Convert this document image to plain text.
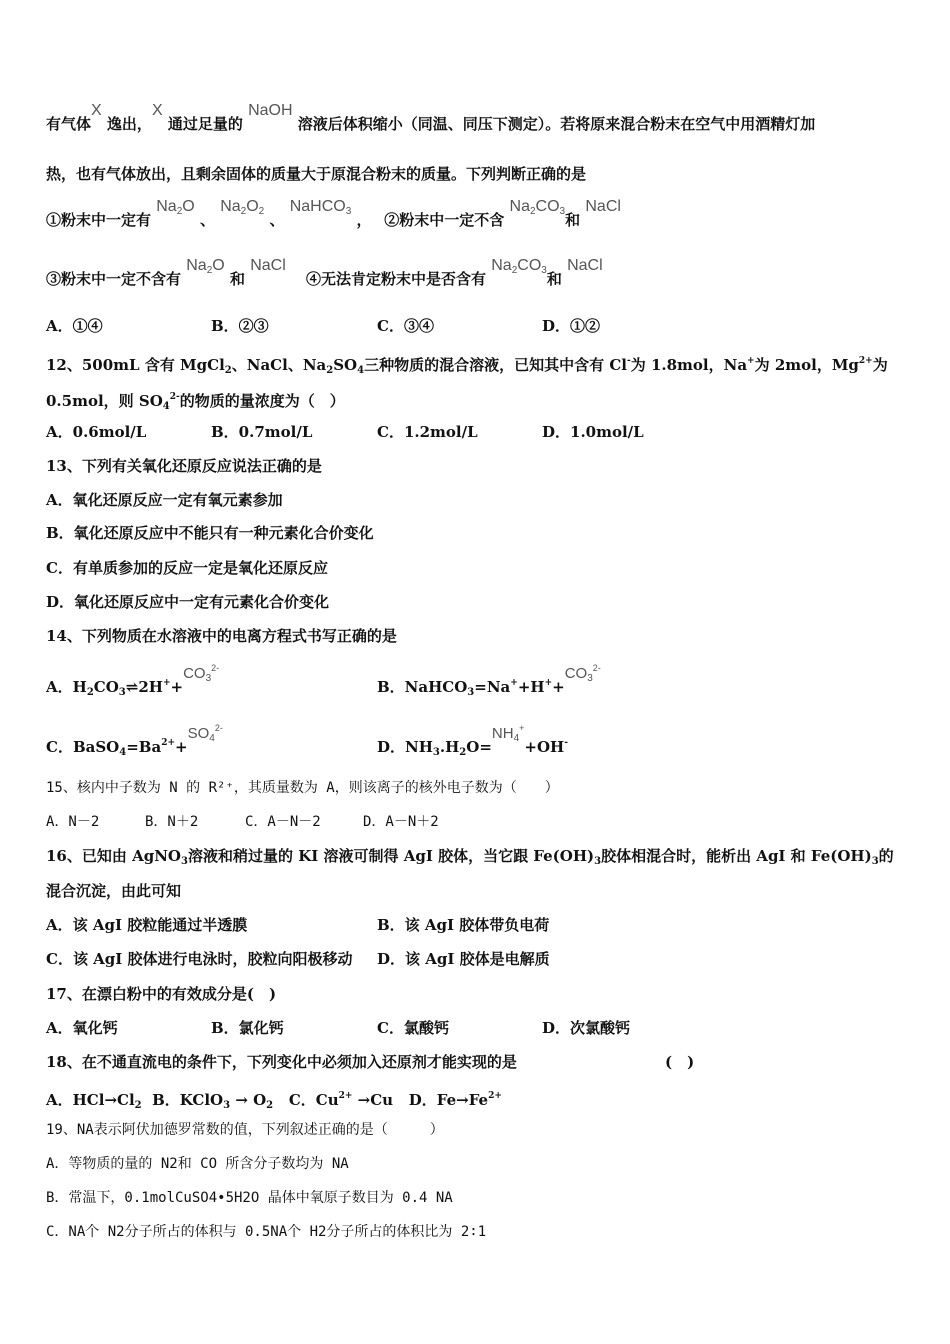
有气体X 逸出，X 通过足量的 NaOH 溶液后体积缩小（同温、同压下测定）。若将原来混合粉末在空气中用酒精灯加
热，也有气体放出，且剩余固体的质量大于原混合粉末的质量。下列判断正确的是
①粉末中一定有 $Na_2O$ 、 $Na_2O_2$ 、 NaHCO$_3$ ，　 ②粉末中一定不含 $Na_2CO_3$和 NaCl
③粉末中一定不含有 $Na_2O$ 和 NaCl　 ④无法肯定粉末中是否含有 $Na_2CO_3$和 NaCl
A．①④	B．②③	C．③④	D．①②
12、500mL 含有 MgCl$_2$、NaCl、$Na_2SO_4$三种物质的混合溶液，已知其中含有 Cl-为 1.8mol，Na+为 2mol，$Mg^{2+}$为
0.5mol，则 $SO_4^{2-}$的物质的量浓度为（　）
A．0.6mol/L	B．0.7mol/L	C．1.2mol/L	D．1.0mol/L
13、下列有关氧化还原反应说法正确的是
A．氧化还原反应一定有氧元素参加
B．氧化还原反应中不能只有一种元素化合价变化
C．有单质参加的反应一定是氧化还原反应
D．氧化还原反应中一定有元素化合价变化
14、下列物质在水溶液中的电离方程式书写正确的是
A．$H_2CO_3\rightleftharpoons 2H^++CO_3^{2-}$
B．$NaHCO_3=Na^++H^++CO_3^{2-}$
C．$BaSO_4=Ba^{2+}+SO_4^{2-}$
D．$NH_3.H_2O=NH_4^++OH^-$
15、核内中子数为 N 的 R²⁺，其质量数为 A，则该离子的核外电子数为（　　）
A．N－2	B．N＋2	C．A－N－2	D．A－N＋2
16、已知由 AgNO$_3$溶液和稍过量的 KI 溶液可制得 AgI 胶体，当它跟 $Fe(OH)_3$胶体相混合时，能析出 AgI 和 $Fe(OH)_3$的
混合沉淀，由此可知
A．该 AgI 胶粒能通过半透膜	B．该 AgI 胶体带负电荷
C．该 AgI 胶体进行电泳时，胶粒向阳极移动 D．该 AgI 胶体是电解质
17、在漂白粉中的有效成分是(　)
A．氧化钙	B．氯化钙	C．氯酸钙	D．次氯酸钙
18、在不通直流电的条件下，下列变化中必须加入还原剂才能实现的是	(　)
A．$HCl\to Cl_2$ B．KClO$_3$ → $O_2$ C．$Cu^{2+} \to Cu$ D．$Fe\to Fe^{2+}$
19、NA表示阿伏加德罗常数的值，下列叙述正确的是（　　　）
A．等物质的量的 N2和 CO 所含分子数均为 NA
B．常温下，0.1molCuSO4•5H2O 晶体中氧原子数目为 0.4 NA
C．NA个 N2分子所占的体积与 0.5NA个 H2分子所占的体积比为 2∶1
